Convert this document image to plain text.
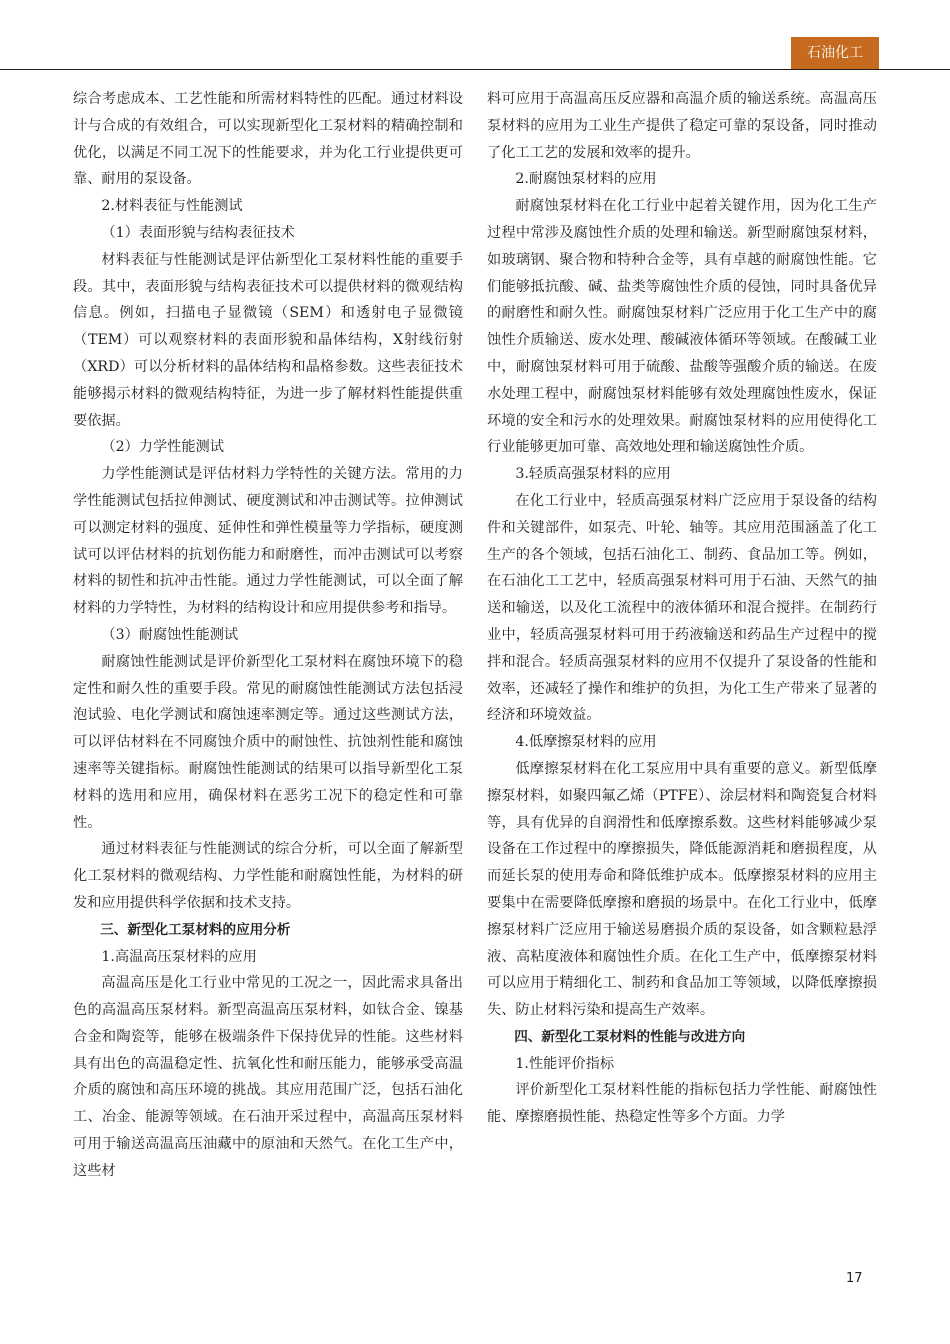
石油化工

综合考虑成本、工艺性能和所需材料特性的匹配。通过材料设计与合成的有效组合，可以实现新型化工泵材料的精确控制和优化，以满足不同工况下的性能要求，并为化工行业提供更可靠、耐用的泵设备。

2.材料表征与性能测试

（1）表面形貌与结构表征技术

材料表征与性能测试是评估新型化工泵材料性能的重要手段。其中，表面形貌与结构表征技术可以提供材料的微观结构信息。例如，扫描电子显微镜（SEM）和透射电子显微镜（TEM）可以观察材料的表面形貌和晶体结构，X射线衍射（XRD）可以分析材料的晶体结构和晶格参数。这些表征技术能够揭示材料的微观结构特征，为进一步了解材料性能提供重要依据。

（2）力学性能测试

力学性能测试是评估材料力学特性的关键方法。常用的力学性能测试包括拉伸测试、硬度测试和冲击测试等。拉伸测试可以测定材料的强度、延伸性和弹性模量等力学指标，硬度测试可以评估材料的抗划伤能力和耐磨性，而冲击测试可以考察材料的韧性和抗冲击性能。通过力学性能测试，可以全面了解材料的力学特性，为材料的结构设计和应用提供参考和指导。

（3）耐腐蚀性能测试

耐腐蚀性能测试是评价新型化工泵材料在腐蚀环境下的稳定性和耐久性的重要手段。常见的耐腐蚀性能测试方法包括浸泡试验、电化学测试和腐蚀速率测定等。通过这些测试方法，可以评估材料在不同腐蚀介质中的耐蚀性、抗蚀剂性能和腐蚀速率等关键指标。耐腐蚀性能测试的结果可以指导新型化工泵材料的选用和应用，确保材料在恶劣工况下的稳定性和可靠性。

通过材料表征与性能测试的综合分析，可以全面了解新型化工泵材料的微观结构、力学性能和耐腐蚀性能，为材料的研发和应用提供科学依据和技术支持。

三、新型化工泵材料的应用分析

1.高温高压泵材料的应用

高温高压是化工行业中常见的工况之一，因此需求具备出色的高温高压泵材料。新型高温高压泵材料，如钛合金、镍基合金和陶瓷等，能够在极端条件下保持优异的性能。这些材料具有出色的高温稳定性、抗氧化性和耐压能力，能够承受高温介质的腐蚀和高压环境的挑战。其应用范围广泛，包括石油化工、冶金、能源等领域。在石油开采过程中，高温高压泵材料可用于输送高温高压油藏中的原油和天然气。在化工生产中，这些材

料可应用于高温高压反应器和高温介质的输送系统。高温高压泵材料的应用为工业生产提供了稳定可靠的泵设备，同时推动了化工工艺的发展和效率的提升。

2.耐腐蚀泵材料的应用

耐腐蚀泵材料在化工行业中起着关键作用，因为化工生产过程中常涉及腐蚀性介质的处理和输送。新型耐腐蚀泵材料，如玻璃钢、聚合物和特种合金等，具有卓越的耐腐蚀性能。它们能够抵抗酸、碱、盐类等腐蚀性介质的侵蚀，同时具备优异的耐磨性和耐久性。耐腐蚀泵材料广泛应用于化工生产中的腐蚀性介质输送、废水处理、酸碱液体循环等领域。在酸碱工业中，耐腐蚀泵材料可用于硫酸、盐酸等强酸介质的输送。在废水处理工程中，耐腐蚀泵材料能够有效处理腐蚀性废水，保证环境的安全和污水的处理效果。耐腐蚀泵材料的应用使得化工行业能够更加可靠、高效地处理和输送腐蚀性介质。

3.轻质高强泵材料的应用

在化工行业中，轻质高强泵材料广泛应用于泵设备的结构件和关键部件，如泵壳、叶轮、轴等。其应用范围涵盖了化工生产的各个领域，包括石油化工、制药、食品加工等。例如，在石油化工工艺中，轻质高强泵材料可用于石油、天然气的抽送和输送，以及化工流程中的液体循环和混合搅拌。在制药行业中，轻质高强泵材料可用于药液输送和药品生产过程中的搅拌和混合。轻质高强泵材料的应用不仅提升了泵设备的性能和效率，还减轻了操作和维护的负担，为化工生产带来了显著的经济和环境效益。

4.低摩擦泵材料的应用

低摩擦泵材料在化工泵应用中具有重要的意义。新型低摩擦泵材料，如聚四氟乙烯（PTFE）、涂层材料和陶瓷复合材料等，具有优异的自润滑性和低摩擦系数。这些材料能够减少泵设备在工作过程中的摩擦损失，降低能源消耗和磨损程度，从而延长泵的使用寿命和降低维护成本。低摩擦泵材料的应用主要集中在需要降低摩擦和磨损的场景中。在化工行业中，低摩擦泵材料广泛应用于输送易磨损介质的泵设备，如含颗粒悬浮液、高粘度液体和腐蚀性介质。在化工生产中，低摩擦泵材料可以应用于精细化工、制药和食品加工等领域，以降低摩擦损失、防止材料污染和提高生产效率。

四、新型化工泵材料的性能与改进方向

1.性能评价指标

评价新型化工泵材料性能的指标包括力学性能、耐腐蚀性能、摩擦磨损性能、热稳定性等多个方面。力学

17
